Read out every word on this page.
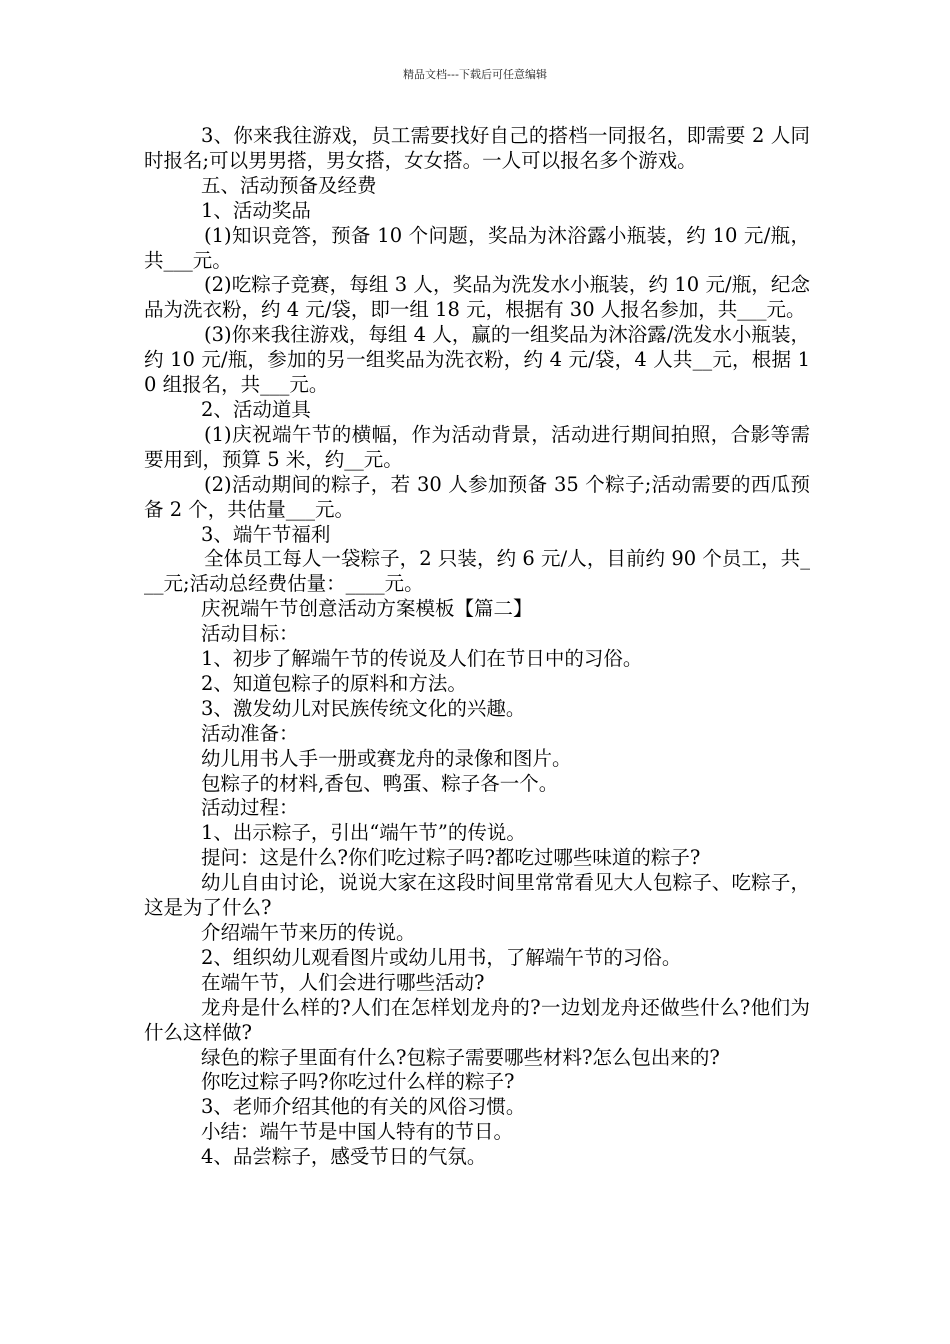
精品文档---下载后可任意编辑

3、你来我往游戏，员工需要找好自己的搭档一同报名，即需要 2 人同时报名;可以男男搭，男女搭，女女搭。一人可以报名多个游戏。

五、活动预备及经费

1、活动奖品

(1)知识竞答，预备 10 个问题，奖品为沐浴露小瓶装，约 10 元/瓶，共___元。

(2)吃粽子竞赛，每组 3 人，奖品为洗发水小瓶装，约 10 元/瓶，纪念品为洗衣粉，约 4 元/袋，即一组 18 元，根据有 30 人报名参加，共___元。

(3)你来我往游戏，每组 4 人，赢的一组奖品为沐浴露/洗发水小瓶装，约 10 元/瓶，参加的另一组奖品为洗衣粉，约 4 元/袋，4 人共__元，根据 10 组报名，共___元。

2、活动道具

(1)庆祝端午节的横幅，作为活动背景，活动进行期间拍照，合影等需要用到，预算 5 米，约__元。

(2)活动期间的粽子，若 30 人参加预备 35 个粽子;活动需要的西瓜预备 2 个，共估量___元。

3、端午节福利

全体员工每人一袋粽子，2 只装，约 6 元/人，目前约 90 个员工，共___元;活动总经费估量：____元。

庆祝端午节创意活动方案模板【篇二】

活动目标：

1、初步了解端午节的传说及人们在节日中的习俗。

2、知道包粽子的原料和方法。

3、激发幼儿对民族传统文化的兴趣。

活动准备：

幼儿用书人手一册或赛龙舟的录像和图片。

包粽子的材料,香包、鸭蛋、粽子各一个。

活动过程：

1、出示粽子，引出“端午节”的传说。

提问：这是什么?你们吃过粽子吗?都吃过哪些味道的粽子?

幼儿自由讨论，说说大家在这段时间里常常看见大人包粽子、吃粽子，这是为了什么?

介绍端午节来历的传说。

2、组织幼儿观看图片或幼儿用书，了解端午节的习俗。

在端午节，人们会进行哪些活动?

龙舟是什么样的?人们在怎样划龙舟的?一边划龙舟还做些什么?他们为什么这样做?

绿色的粽子里面有什么?包粽子需要哪些材料?怎么包出来的?

你吃过粽子吗?你吃过什么样的粽子?

3、老师介绍其他的有关的风俗习惯。

小结：端午节是中国人特有的节日。

4、品尝粽子，感受节日的气氛。
